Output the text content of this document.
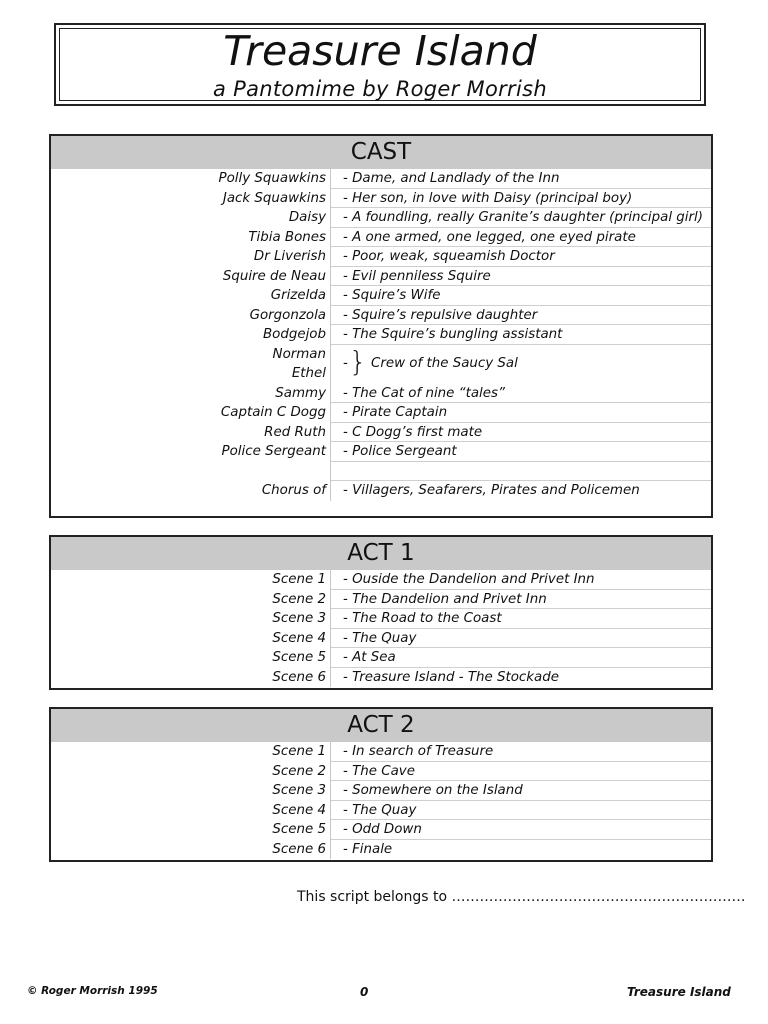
Treasure Island
a Pantomime by Roger Morrish
CAST
Polly Squawkins - Dame, and Landlady of the Inn
Jack Squawkins - Her son, in love with Daisy (principal boy)
Daisy - A foundling, really Granite’s daughter (principal girl)
Tibia Bones - A one armed, one legged, one eyed pirate
Dr Liverish - Poor, weak, squeamish Doctor
Squire de Neau - Evil penniless Squire
Grizelda - Squire’s Wife
Gorgonzola - Squire’s repulsive daughter
Bodgejob - The Squire’s bungling assistant
Norman
Ethel
- } Crew of the Saucy Sal
Sammy - The Cat of nine “tales”
Captain C Dogg - Pirate Captain
Red Ruth - C Dogg’s first mate
Police Sergeant - Police Sergeant
Chorus of - Villagers, Seafarers, Pirates and Policemen
ACT 1
Scene 1 - Ouside the Dandelion and Privet Inn
Scene 2 - The Dandelion and Privet Inn
Scene 3 - The Road to the Coast
Scene 4 - The Quay
Scene 5 - At Sea
Scene 6 - Treasure Island - The Stockade
ACT 2
Scene 1 - In search of Treasure
Scene 2 - The Cave
Scene 3 - Somewhere on the Island
Scene 4 - The Quay
Scene 5 - Odd Down
Scene 6 - Finale
This script belongs to ………………………………………………………
© Roger Morrish 1995	0	Treasure Island
